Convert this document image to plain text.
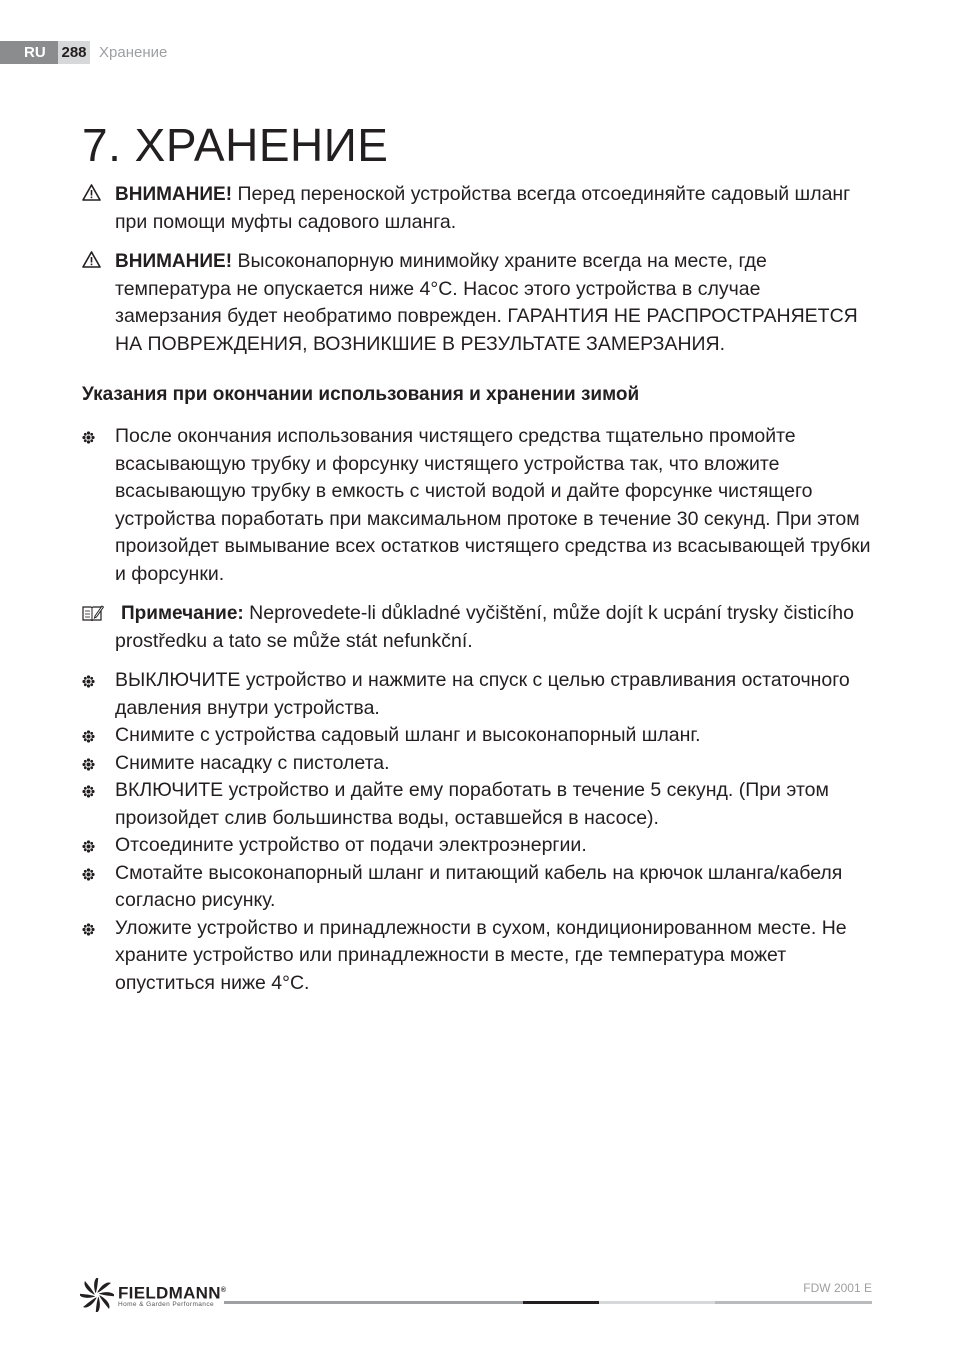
RU	288 Хранение
7. ХРАНЕНИЕ
ВНИМАНИЕ! Перед переноской устройства всегда отсоединяйте садовый шланг при помощи муфты садового шланга.
ВНИМАНИЕ! Высоконапорную минимойку храните всегда на месте, где температура не опускается ниже 4°C. Насос этого устройства в случае замерзания будет необратимо поврежден. ГАРАНТИЯ НЕ РАСПРОСТРАНЯЕТСЯ НА ПОВРЕЖДЕНИЯ, ВОЗНИКШИЕ В РЕЗУЛЬТАТЕ ЗАМЕРЗАНИЯ.
Указания при окончании использования и хранении зимой
После окончания использования чистящего средства тщательно промойте всасывающую трубку и форсунку чистящего устройства так, что вложите всасывающую трубку в емкость с чистой водой и дайте форсунке чистящего устройства поработать при максимальном протоке в течение 30 секунд. При этом произойдет вымывание всех остатков чистящего средства из всасывающей трубки и форсунки.
Примечание: Neprovedete-li důkladné vyčištění, může dojít k ucpání trysky čisticího prostředku a tato se může stát nefunkční.
ВЫКЛЮЧИТЕ устройство и нажмите на спуск с целью стравливания остаточного давления внутри устройства.
Снимите с устройства садовый шланг и высоконапорный шланг.
Снимите насадку с пистолета.
ВКЛЮЧИТЕ устройство и дайте ему поработать в течение 5 секунд. (При этом произойдет слив большинства воды, оставшейся в насосе).
Отсоедините устройство от подачи электроэнергии.
Смотайте высоконапорный шланг и питающий кабель на крючок шланга/кабеля согласно рисунку.
Уложите устройство и принадлежности в сухом, кондиционированном месте. Не храните устройство или принадлежности в месте, где температура может опуститься ниже 4°C.
FIELDMANN®
Home & Garden Performance
FDW 2001 E
